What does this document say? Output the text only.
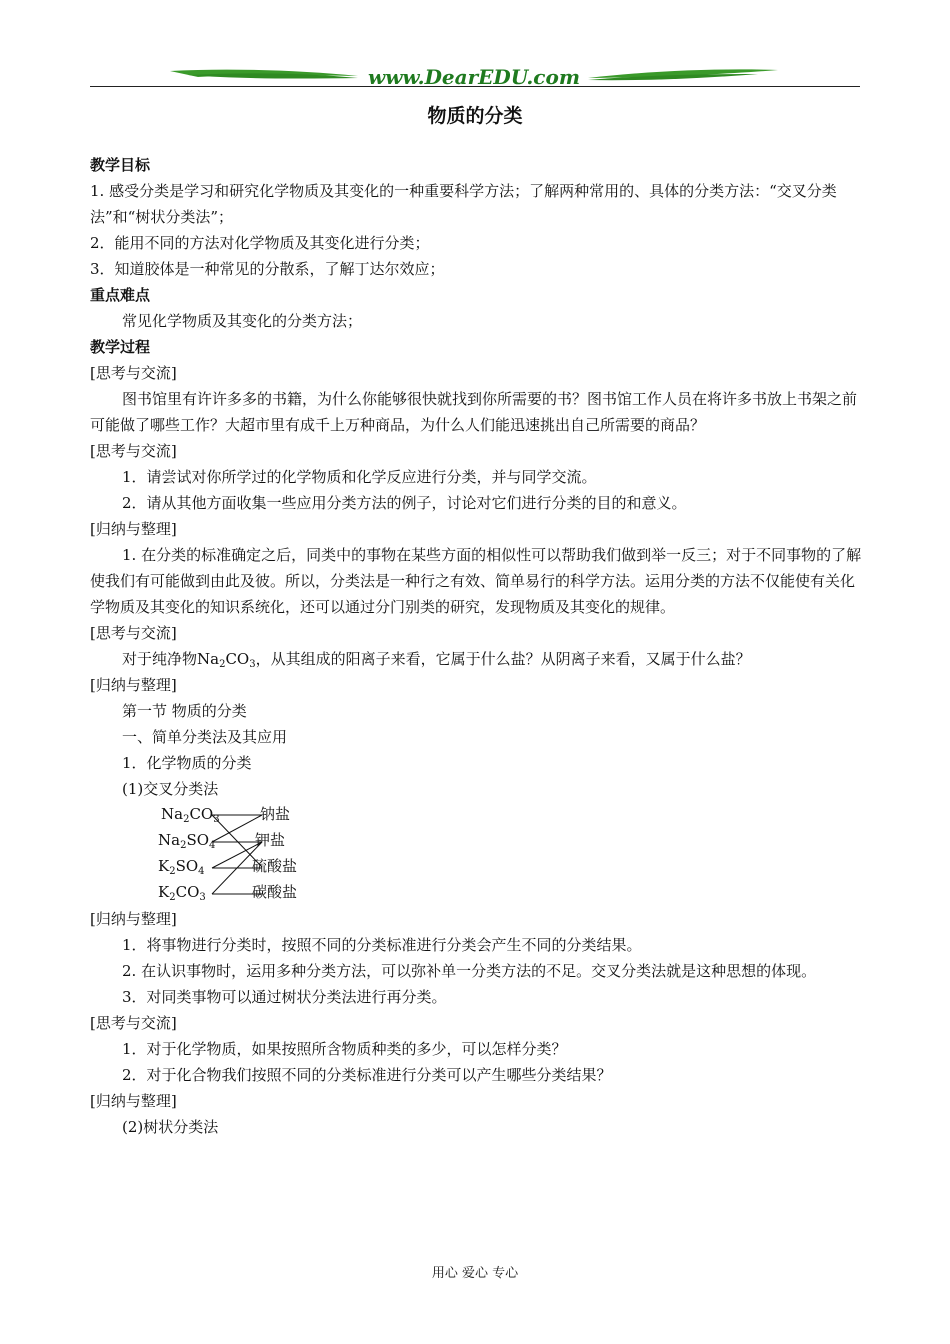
www.DearEDU.com
物质的分类

教学目标

1. 感受分类是学习和研究化学物质及其变化的一种重要科学方法；了解两种常用的、具体的分类方法：“交叉分类法”和“树状分类法”；

2．能用不同的方法对化学物质及其变化进行分类；

3．知道胶体是一种常见的分散系，了解丁达尔效应；

重点难点

常见化学物质及其变化的分类方法；

教学过程

[思考与交流]

图书馆里有许许多多的书籍，为什么你能够很快就找到你所需要的书？图书馆工作人员在将许多书放上书架之前可能做了哪些工作？大超市里有成千上万种商品，为什么人们能迅速挑出自己所需要的商品？

[思考与交流]

1．请尝试对你所学过的化学物质和化学反应进行分类，并与同学交流。

2．请从其他方面收集一些应用分类方法的例子，讨论对它们进行分类的目的和意义。

[归纳与整理]

1. 在分类的标准确定之后，同类中的事物在某些方面的相似性可以帮助我们做到举一反三；对于不同事物的了解使我们有可能做到由此及彼。所以，分类法是一种行之有效、简单易行的科学方法。运用分类的方法不仅能使有关化学物质及其变化的知识系统化，还可以通过分门别类的研究，发现物质及其变化的规律。

[思考与交流]

对于纯净物$Na_2CO_3$，从其组成的阳离子来看，它属于什么盐？从阴离子来看，又属于什么盐？

[归纳与整理]

第一节 物质的分类

一、简单分类法及其应用

1．化学物质的分类

(1)交叉分类法

$Na_2CO_3$
$Na_2SO_4$
$K_2SO_4$
$K_2CO_3$
钠盐
钾盐
硫酸盐
碳酸盐

[归纳与整理]

1．将事物进行分类时，按照不同的分类标准进行分类会产生不同的分类结果。

2. 在认识事物时，运用多种分类方法，可以弥补单一分类方法的不足。交叉分类法就是这种思想的体现。

3．对同类事物可以通过树状分类法进行再分类。

[思考与交流]

1．对于化学物质，如果按照所含物质种类的多少，可以怎样分类？

2．对于化合物我们按照不同的分类标准进行分类可以产生哪些分类结果？

[归纳与整理]

(2)树状分类法

用心 爱心 专心
